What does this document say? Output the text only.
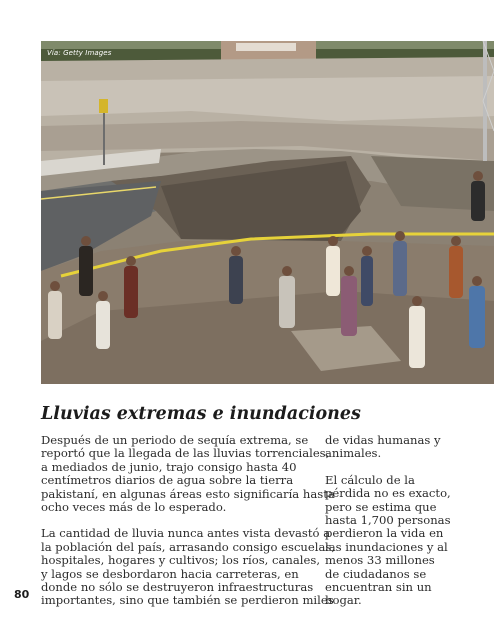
Vía: Getty Images
Lluvias extremas e inundaciones

Después de un periodo de sequía extrema, se
reportó que la llegada de las lluvias torrenciales,
a mediados de junio, trajo consigo hasta 40
centímetros diarios de agua sobre la tierra
pakistaní, en algunas áreas esto significaría hasta
ocho veces más de lo esperado.

La cantidad de lluvia nunca antes vista devastó a
la población del país, arrasando consigo escuelas,
hospitales, hogares y cultivos; los ríos, canales,
y lagos se desbordaron hacia carreteras, en
donde no sólo se destruyeron infraestructuras
importantes, sino que también se perdieron miles

de vidas humanas y
animales.

El cálculo de la
pérdida no es exacto,
pero se estima que
hasta 1,700 personas
perdieron la vida en
las inundaciones y al
menos 33 millones
de ciudadanos se
encuentran sin un
hogar.

80
